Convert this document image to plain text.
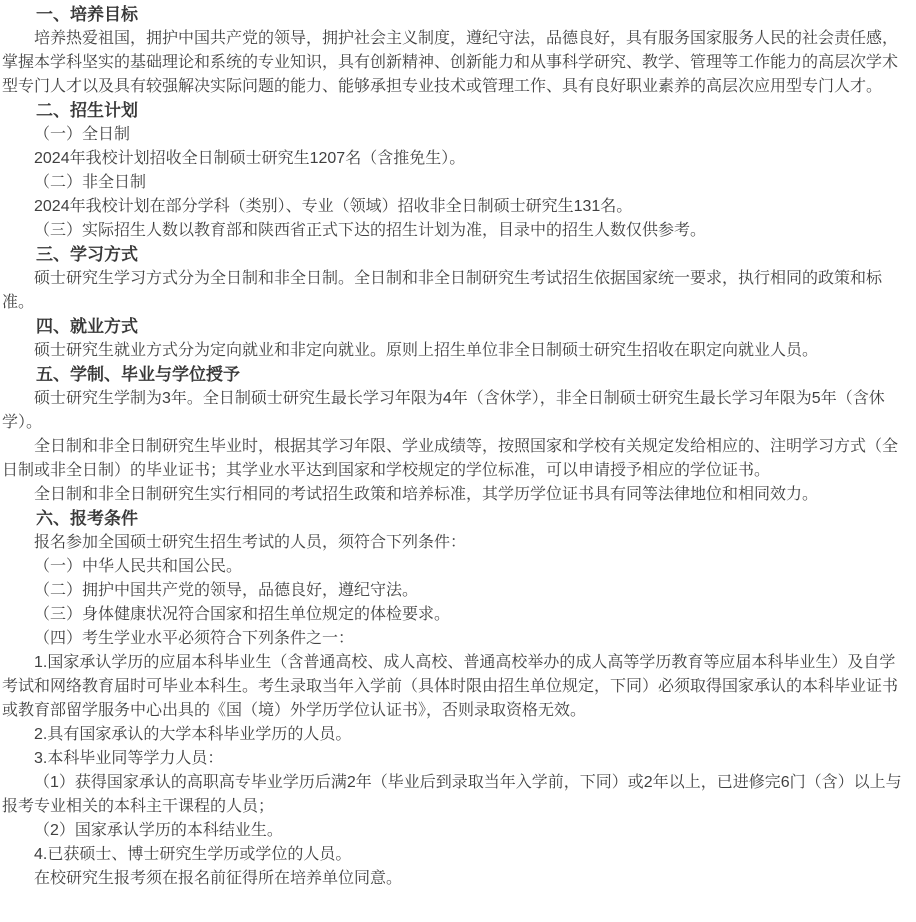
一、培养目标

培养热爱祖国，拥护中国共产党的领导，拥护社会主义制度，遵纪守法，品德良好，具有服务国家服务人民的社会责任感，掌握本学科坚实的基础理论和系统的专业知识，具有创新精神、创新能力和从事科学研究、教学、管理等工作能力的高层次学术型专门人才以及具有较强解决实际问题的能力、能够承担专业技术或管理工作、具有良好职业素养的高层次应用型专门人才。

二、招生计划

（一）全日制

2024年我校计划招收全日制硕士研究生1207名（含推免生）。

（二）非全日制

2024年我校计划在部分学科（类别）、专业（领域）招收非全日制硕士研究生131名。

（三）实际招生人数以教育部和陕西省正式下达的招生计划为准，目录中的招生人数仅供参考。

三、学习方式

硕士研究生学习方式分为全日制和非全日制。全日制和非全日制研究生考试招生依据国家统一要求，执行相同的政策和标准。

四、就业方式

硕士研究生就业方式分为定向就业和非定向就业。原则上招生单位非全日制硕士研究生招收在职定向就业人员。

五、学制、毕业与学位授予

硕士研究生学制为3年。全日制硕士研究生最长学习年限为4年（含休学），非全日制硕士研究生最长学习年限为5年（含休学）。

全日制和非全日制研究生毕业时，根据其学习年限、学业成绩等，按照国家和学校有关规定发给相应的、注明学习方式（全日制或非全日制）的毕业证书；其学业水平达到国家和学校规定的学位标准，可以申请授予相应的学位证书。

全日制和非全日制研究生实行相同的考试招生政策和培养标准，其学历学位证书具有同等法律地位和相同效力。

六、报考条件

报名参加全国硕士研究生招生考试的人员，须符合下列条件：

（一）中华人民共和国公民。

（二）拥护中国共产党的领导，品德良好，遵纪守法。

（三）身体健康状况符合国家和招生单位规定的体检要求。

（四）考生学业水平必须符合下列条件之一：

1.国家承认学历的应届本科毕业生（含普通高校、成人高校、普通高校举办的成人高等学历教育等应届本科毕业生）及自学考试和网络教育届时可毕业本科生。考生录取当年入学前（具体时限由招生单位规定，下同）必须取得国家承认的本科毕业证书或教育部留学服务中心出具的《国（境）外学历学位认证书》，否则录取资格无效。

2.具有国家承认的大学本科毕业学历的人员。

3.本科毕业同等学力人员：

（1）获得国家承认的高职高专毕业学历后满2年（毕业后到录取当年入学前，下同）或2年以上，已进修完6门（含）以上与报考专业相关的本科主干课程的人员；

（2）国家承认学历的本科结业生。

4.已获硕士、博士研究生学历或学位的人员。

在校研究生报考须在报名前征得所在培养单位同意。
